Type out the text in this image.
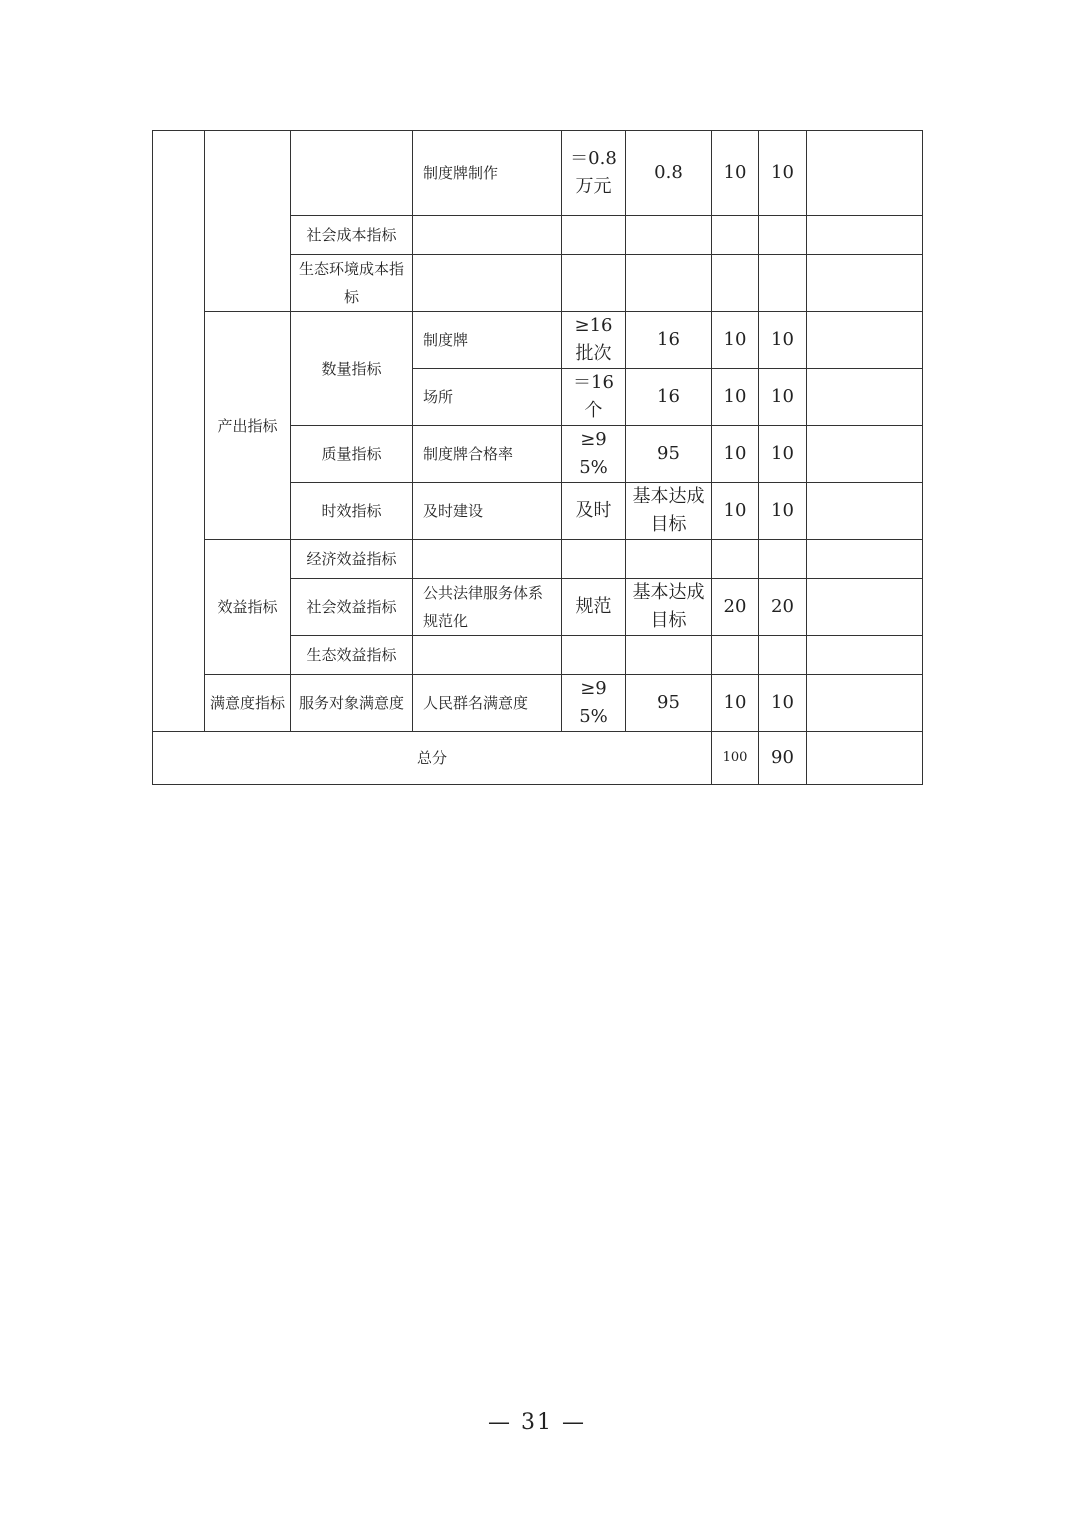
			制度牌制作	＝0.8万元	0.8	10	10	
		社会成本指标						
		生态环境成本指标						
	产出指标	数量指标	制度牌	≥16批次	16	10	10	
			场所	＝16个	16	10	10	
		质量指标	制度牌合格率	≥95%	95	10	10	
		时效指标	及时建设	及时	基本达成目标	10	10	
	效益指标	经济效益指标						
		社会效益指标	公共法律服务体系规范化	规范	基本达成目标	20	20	
		生态效益指标						
	满意度指标	服务对象满意度	人民群名满意度	≥95%	95	10	10	
总分						100	90	
— 31 —
